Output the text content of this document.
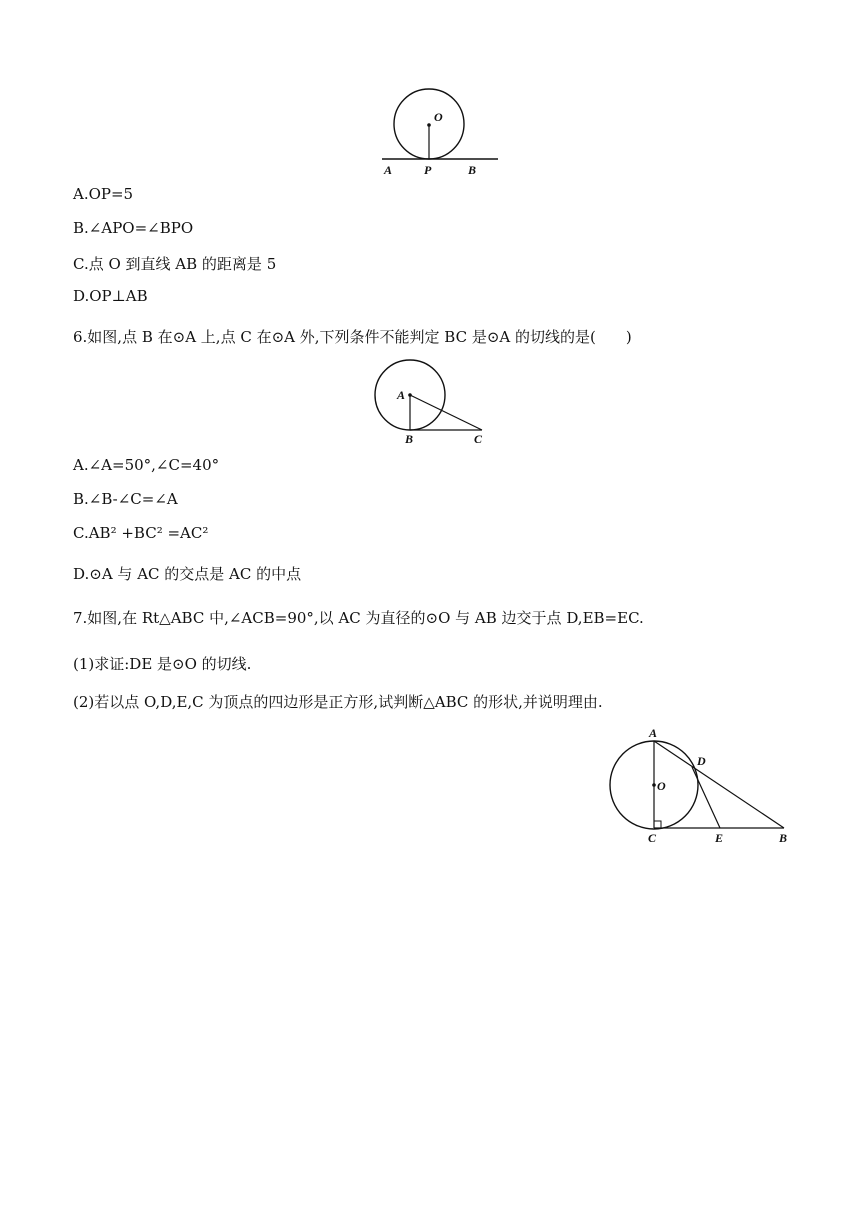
O
A	P	B
A.OP=5
B.∠APO=∠BPO
C.点 O 到直线 AB 的距离是 5
D.OP⊥AB
6.如图,点 B 在⊙A 上,点 C 在⊙A 外,下列条件不能判定 BC 是⊙A 的切线的是(　　)
A
B	C
A.∠A=50°,∠C=40°
B.∠B-∠C=∠A
C.AB² +BC² =AC²
D.⊙A 与 AC 的交点是 AC 的中点
7.如图,在 Rt△ABC 中,∠ACB=90°,以 AC 为直径的⊙O 与 AB 边交于点 D,EB=EC.
(1)求证:DE 是⊙O 的切线.
(2)若以点 O,D,E,C 为顶点的四边形是正方形,试判断△ABC 的形状,并说明理由.
A
D
O
C	E	B
